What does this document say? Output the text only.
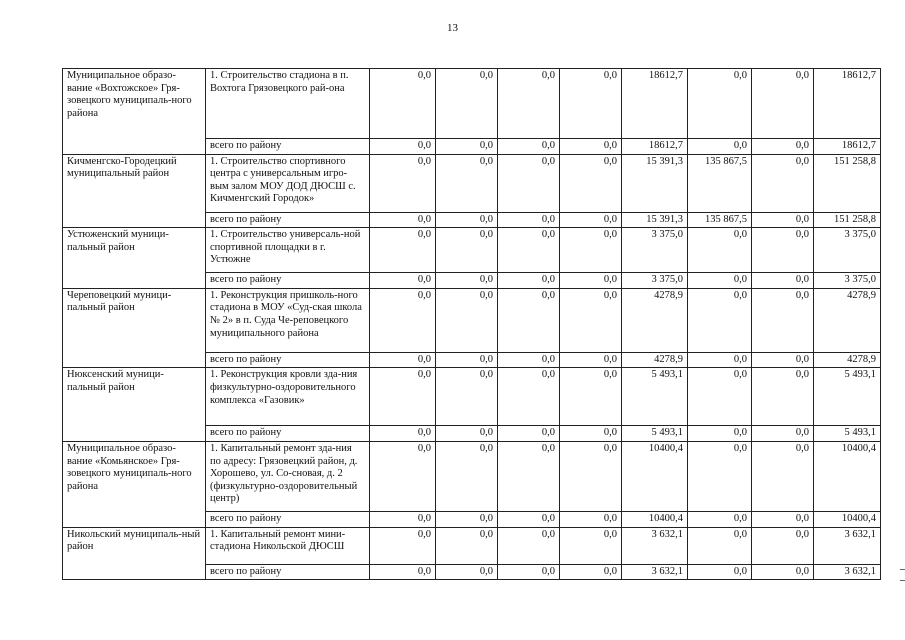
13
Муниципальное образо-вание «Вохтожское» Гря-зовецкого муниципаль-ного района	1. Строительство стадиона в п. Вохтога Грязовецкого рай-она	0,0	0,0	0,0	0,0	18612,7	0,0	0,0	18612,7
	всего по району	0,0	0,0	0,0	0,0	18612,7	0,0	0,0	18612,7
Кичменгско-Городецкий муниципальный район	1. Строительство спортивного центра с универсальным игро-вым залом МОУ ДОД ДЮСШ с. Кичменгский Городок»	0,0	0,0	0,0	0,0	15 391,3	135 867,5	0,0	151 258,8
	всего по району	0,0	0,0	0,0	0,0	15 391,3	135 867,5	0,0	151 258,8
Устюженский муници-пальный район	1. Строительство универсаль-ной спортивной площадки в г. Устюжне	0,0	0,0	0,0	0,0	3 375,0	0,0	0,0	3 375,0
	всего по району	0,0	0,0	0,0	0,0	3 375,0	0,0	0,0	3 375,0
Череповецкий муници-пальный район	1. Реконструкция пришколь-ного стадиона в МОУ «Суд-ская школа № 2» в п. Суда Че-реповецкого муниципального района	0,0	0,0	0,0	0,0	4278,9	0,0	0,0	4278,9
	всего по району	0,0	0,0	0,0	0,0	4278,9	0,0	0,0	4278,9
Нюксенский муници-пальный район	1. Реконструкция кровли зда-ния физкультурно-оздоровительного комплекса «Газовик»	0,0	0,0	0,0	0,0	5 493,1	0,0	0,0	5 493,1
	всего по району	0,0	0,0	0,0	0,0	5 493,1	0,0	0,0	5 493,1
Муниципальное образо-вание «Комьянское» Гря-зовецкого муниципаль-ного района	1. Капитальный ремонт зда-ния по адресу: Грязовецкий район, д. Хорошево, ул. Со-сновая, д. 2 (физкультурно-оздоровительный центр)	0,0	0,0	0,0	0,0	10400,4	0,0	0,0	10400,4
	всего по району	0,0	0,0	0,0	0,0	10400,4	0,0	0,0	10400,4
Никольский муниципаль-ный район	1. Капитальный ремонт мини-стадиона Никольской ДЮСШ	0,0	0,0	0,0	0,0	3 632,1	0,0	0,0	3 632,1
	всего по району	0,0	0,0	0,0	0,0	3 632,1	0,0	0,0	3 632,1
